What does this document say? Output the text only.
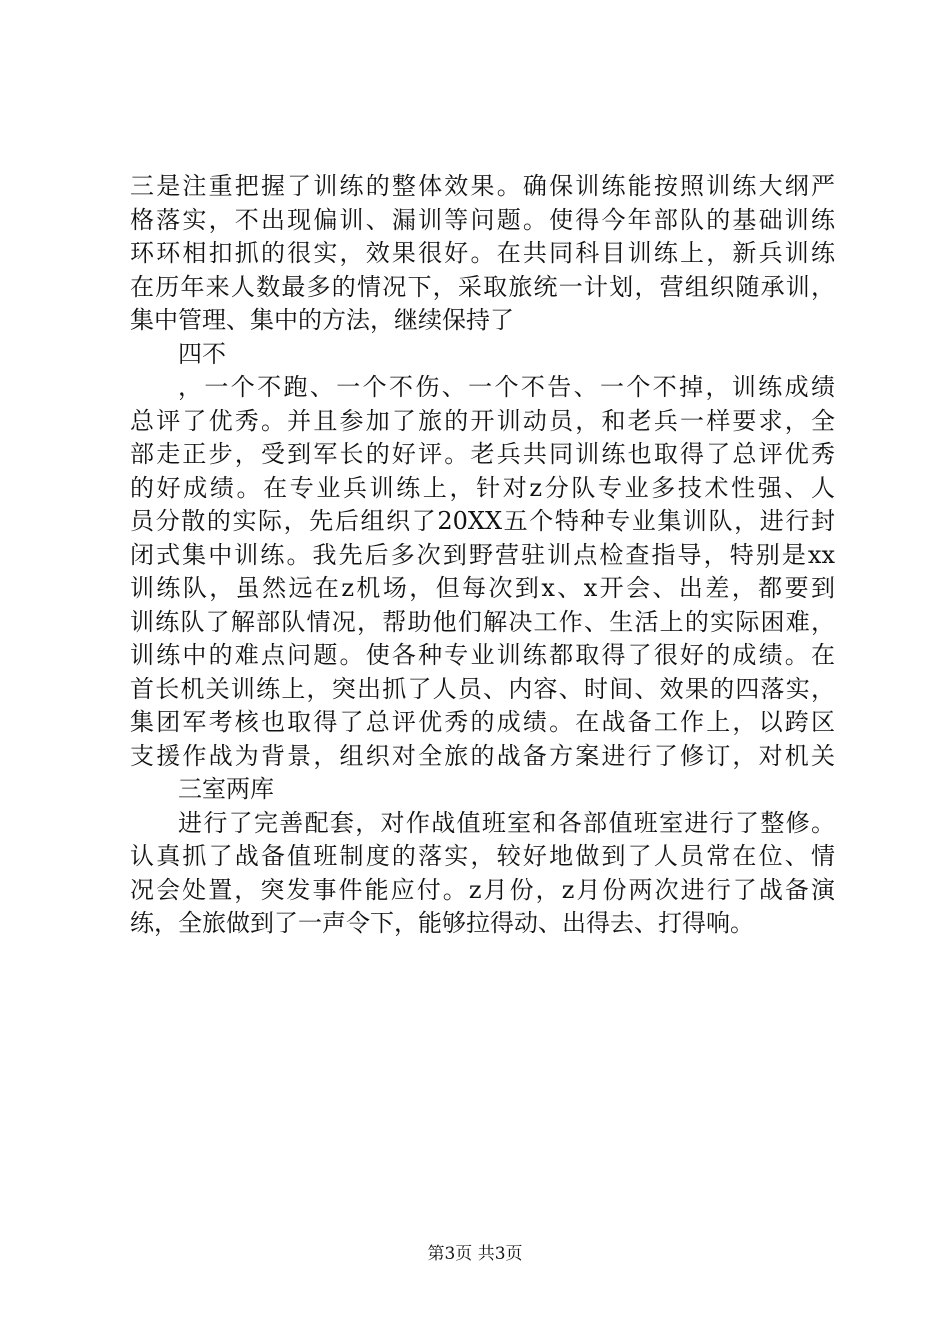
三是注重把握了训练的整体效果。确保训练能按照训练大纲严
格落实，不出现偏训、漏训等问题。使得今年部队的基础训练
环环相扣抓的很实，效果很好。在共同科目训练上，新兵训练
在历年来人数最多的情况下，采取旅统一计划，营组织随承训，
集中管理、集中的方法，继续保持了
四不
，一个不跑、一个不伤、一个不告、一个不掉，训练成绩
总评了优秀。并且参加了旅的开训动员，和老兵一样要求，全
部走正步，受到军长的好评。老兵共同训练也取得了总评优秀
的好成绩。在专业兵训练上，针对z分队专业多技术性强、人
员分散的实际，先后组织了20XX五个特种专业集训队，进行封
闭式集中训练。我先后多次到野营驻训点检查指导，特别是xx
训练队，虽然远在z机场，但每次到x、x开会、出差，都要到
训练队了解部队情况，帮助他们解决工作、生活上的实际困难，
训练中的难点问题。使各种专业训练都取得了很好的成绩。在
首长机关训练上，突出抓了人员、内容、时间、效果的四落实，
集团军考核也取得了总评优秀的成绩。在战备工作上，以跨区
支援作战为背景，组织对全旅的战备方案进行了修订，对机关
三室两库
进行了完善配套，对作战值班室和各部值班室进行了整修。
认真抓了战备值班制度的落实，较好地做到了人员常在位、情
况会处置，突发事件能应付。z月份，z月份两次进行了战备演
练，全旅做到了一声令下，能够拉得动、出得去、打得响。
第3页 共3页
